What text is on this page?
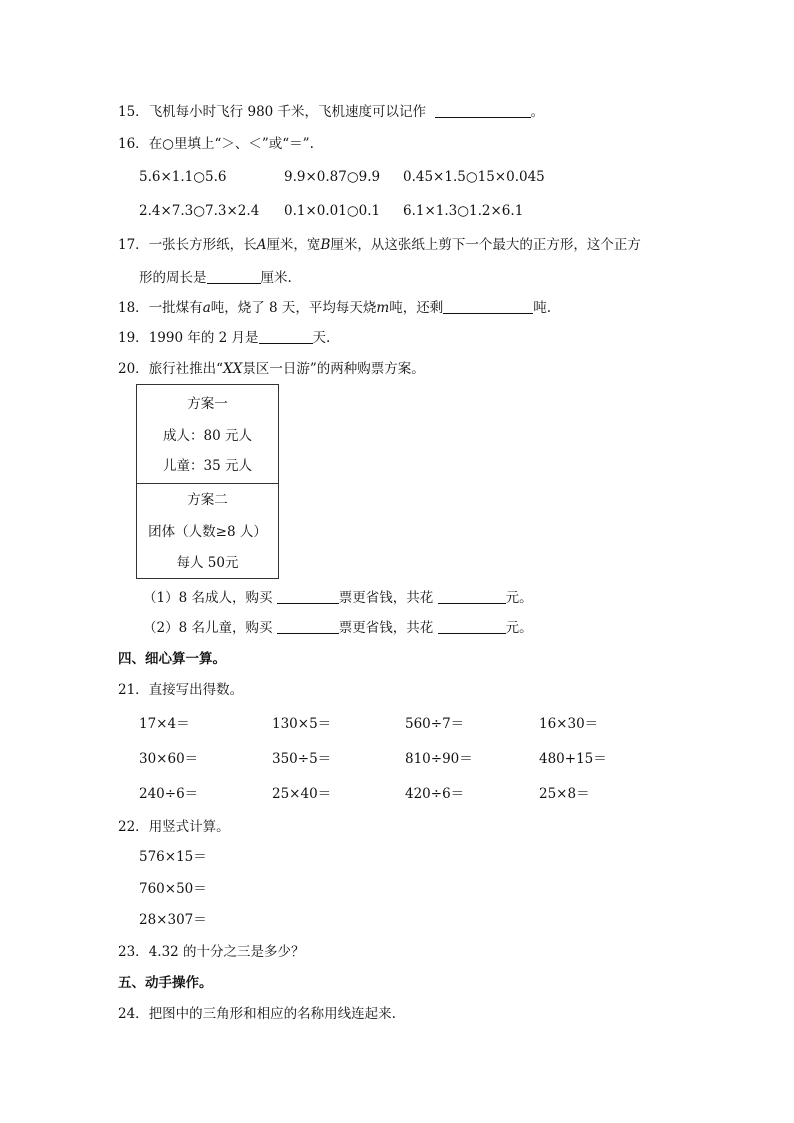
15．飞机每小时飞行 980 千米，飞机速度可以记作	。
16．在○里填上“＞、＜”或“＝”.
5.6×1.1○5.6	9.9×0.87○9.9 0.45×1.5○15×0.045
2.4×7.3○7.3×2.4 0.1×0.01○0.1 6.1×1.3○1.2×6.1
17．一张长方形纸，长A厘米，宽B厘米，从这张纸上剪下一个最大的正方形，这个正方
形的周长是	厘米.
18．一批煤有a吨，烧了 8 天，平均每天烧m吨，还剩	吨.
19．1990 年的 2 月是	天.
20．旅行社推出“XX景区一日游”的两种购票方案。
方案一
成人：80 元人
儿童：35 元人
方案二
团体（人数≥8 人）
每人 50元
（1）8 名成人，购买	票更省钱，共花	元。
（2）8 名儿童，购买	票更省钱，共花	元。
四、细心算一算。
21．直接写出得数。
17×4＝	130×5＝	560÷7＝	16×30＝
30×60＝	350÷5＝	810÷90＝	480+15＝
240÷6＝	25×40＝	420÷6＝	25×8＝
22．用竖式计算。
576×15＝
760×50＝
28×307＝
23．4.32 的十分之三是多少？
五、动手操作。
24．把图中的三角形和相应的名称用线连起来.
